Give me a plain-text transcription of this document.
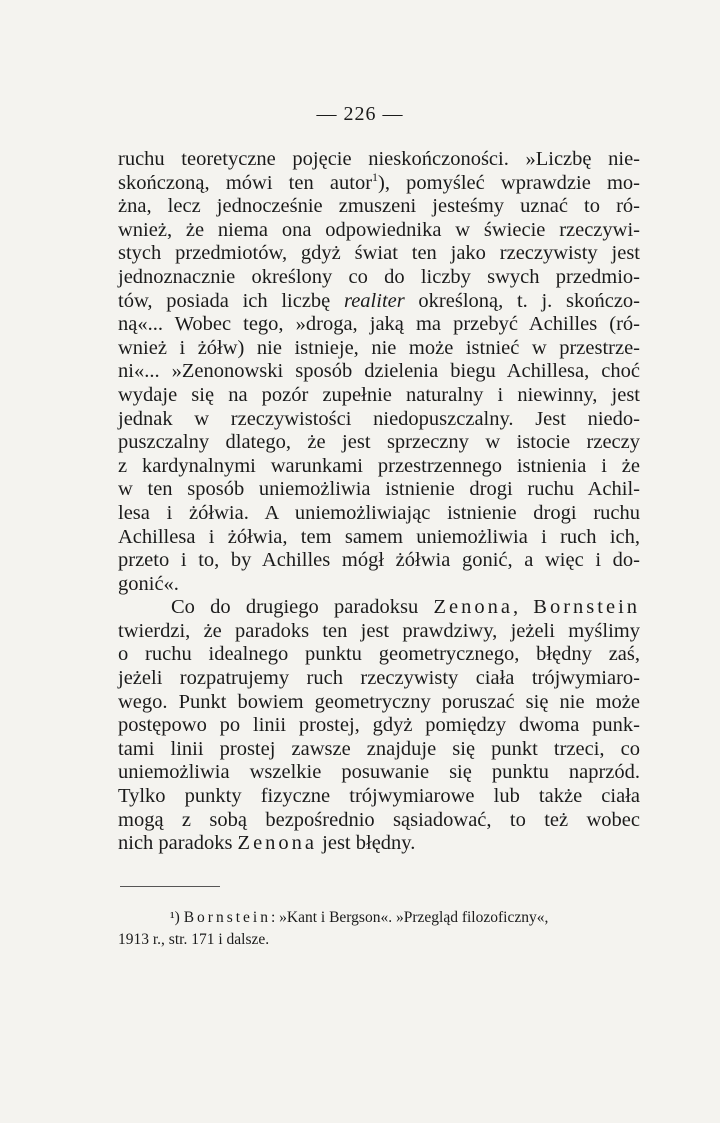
— 226 —

ruchu teoretyczne pojęcie nieskończoności. »Liczbę nie-
skończoną, mówi ten autor$^1$), pomyśleć wprawdzie mo-
żna, lecz jednocześnie zmuszeni jesteśmy uznać to ró-
wnież, że niema ona odpowiednika w świecie rzeczywi-
stych przedmiotów, gdyż świat ten jako rzeczywisty jest
jednoznacznie określony co do liczby swych przedmio-
tów, posiada ich liczbę realiter określoną, t. j. skończo-
ną«... Wobec tego, »droga, jaką ma przebyć Achilles (ró-
wnież i żółw) nie istnieje, nie może istnieć w przestrze-
ni«... »Zenonowski sposób dzielenia biegu Achillesa, choć
wydaje się na pozór zupełnie naturalny i niewinny, jest
jednak w rzeczywistości niedopuszczalny. Jest niedo-
puszczalny dlatego, że jest sprzeczny w istocie rzeczy
z kardynalnymi warunkami przestrzennego istnienia i że
w ten sposób uniemożliwia istnienie drogi ruchu Achil-
lesa i żółwia. A uniemożliwiając istnienie drogi ruchu
Achillesa i żółwia, tem samem uniemożliwia i ruch ich,
przeto i to, by Achilles mógł żółwia gonić, a więc i do-
gonić«.

Co do drugiego paradoksu Zenona, Bornstein
twierdzi, że paradoks ten jest prawdziwy, jeżeli myślimy
o ruchu idealnego punktu geometrycznego, błędny zaś,
jeżeli rozpatrujemy ruch rzeczywisty ciała trójwymiaro-
wego. Punkt bowiem geometryczny poruszać się nie może
postępowo po linii prostej, gdyż pomiędzy dwoma punk-
tami linii prostej zawsze znajduje się punkt trzeci, co
uniemożliwia wszelkie posuwanie się punktu naprzód.
Tylko punkty fizyczne trójwymiarowe lub także ciała
mogą z sobą bezpośrednio sąsiadować, to też wobec
nich paradoks Zenona jest błędny.

¹) Bornstein: »Kant i Bergson«. »Przegląd filozoficzny«,
1913 r., str. 171 i dalsze.
